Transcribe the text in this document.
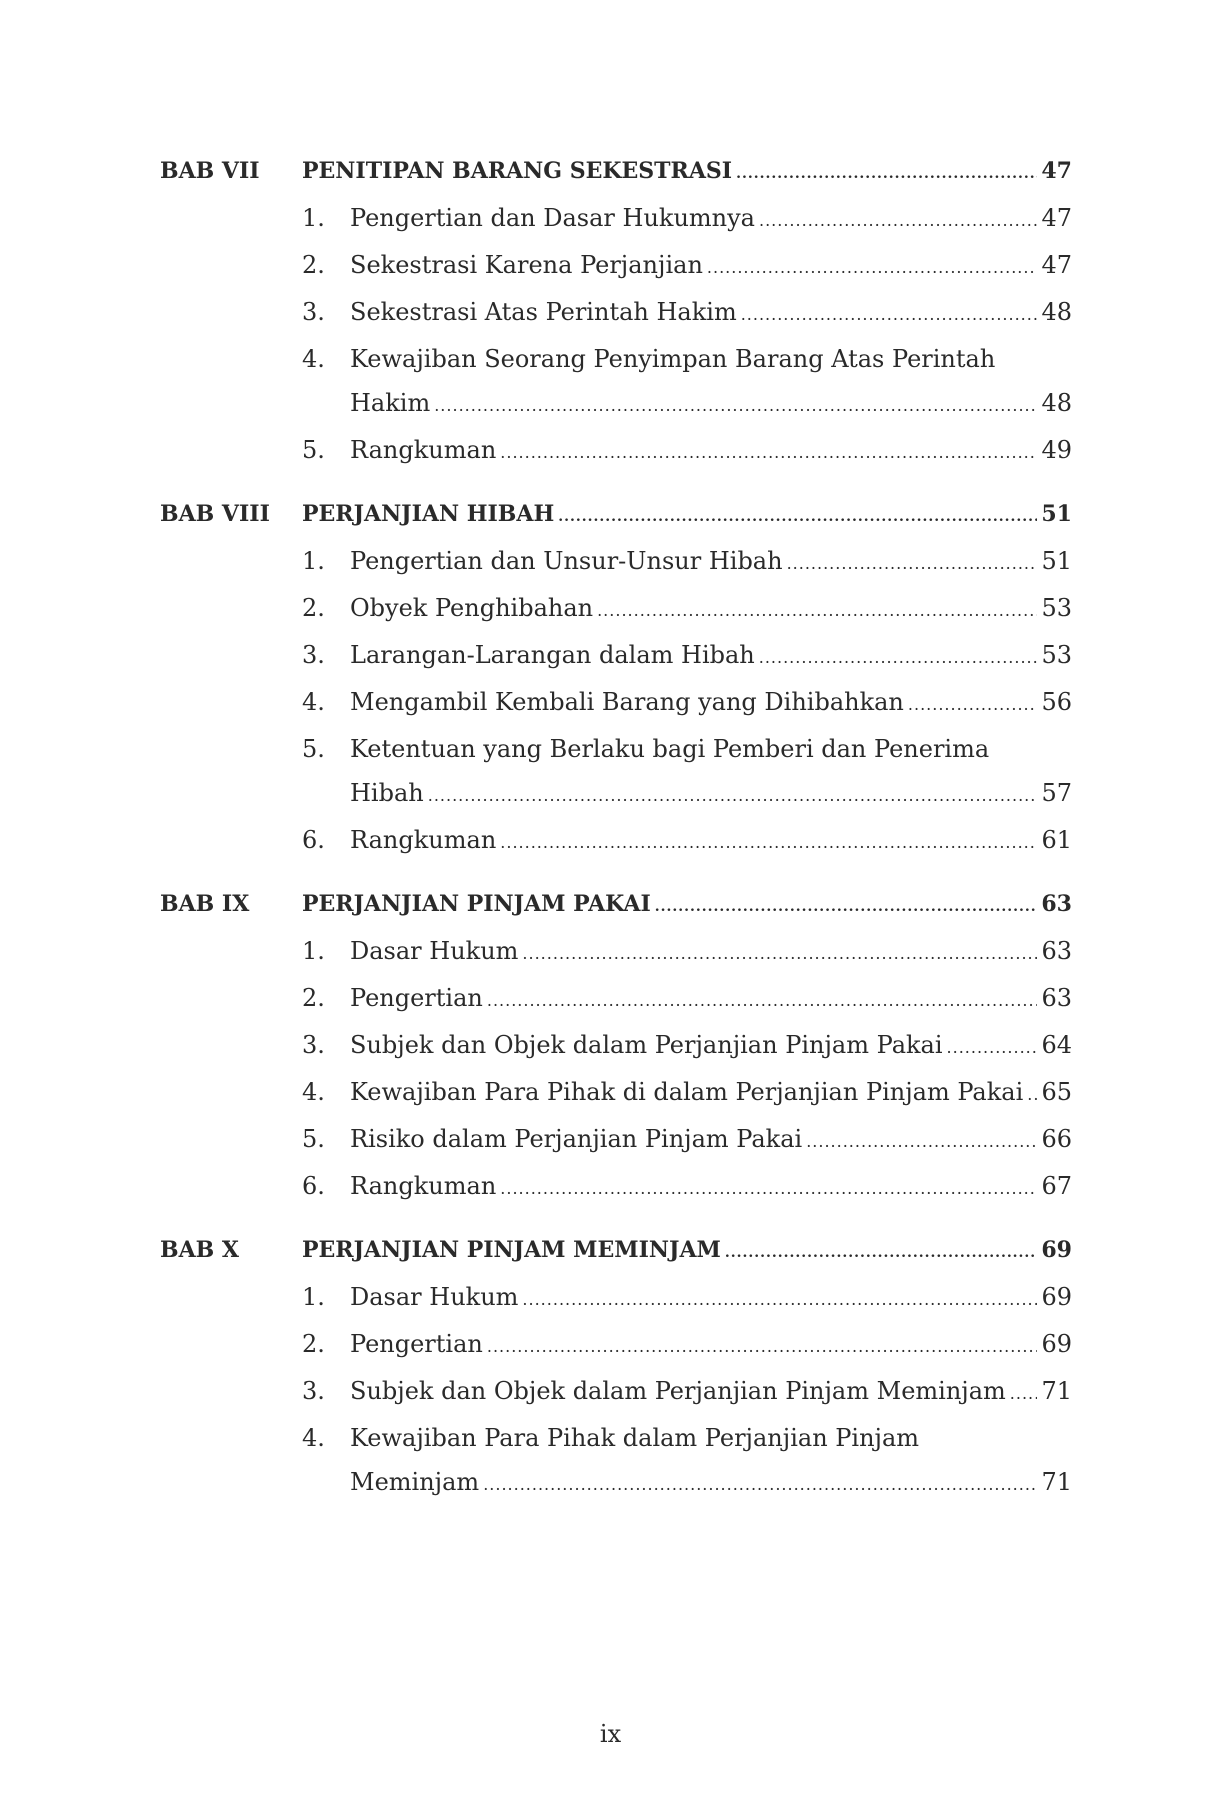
BAB VII	PENITIPAN BARANG SEKESTRASI .....	47
1.	Pengertian dan Dasar Hukumnya .....	47
2.	Sekestrasi Karena Perjanjian .....	47
3.	Sekestrasi Atas Perintah Hakim .....	48
4.	Kewajiban Seorang Penyimpan Barang Atas Perintah
Hakim .....	48
5.	Rangkuman .....	49
BAB VIII	PERJANJIAN HIBAH .....	51
1.	Pengertian dan Unsur-Unsur Hibah .....	51
2.	Obyek Penghibahan .....	53
3.	Larangan-Larangan dalam Hibah .....	53
4.	Mengambil Kembali Barang yang Dihibahkan .....	56
5.	Ketentuan yang Berlaku bagi Pemberi dan Penerima
Hibah .....	57
6.	Rangkuman .....	61
BAB IX	PERJANJIAN PINJAM PAKAI .....	63
1.	Dasar Hukum .....	63
2.	Pengertian .....	63
3.	Subjek dan Objek dalam Perjanjian Pinjam Pakai .....	64
4.	Kewajiban Para Pihak di dalam Perjanjian Pinjam Pakai ..... 65
5.	Risiko dalam Perjanjian Pinjam Pakai .....	66
6.	Rangkuman .....	67
BAB X	PERJANJIAN PINJAM MEMINJAM .....	69
1.	Dasar Hukum .....	69
2.	Pengertian .....	69
3.	Subjek dan Objek dalam Perjanjian Pinjam Meminjam ..... 71
4.	Kewajiban Para Pihak dalam Perjanjian Pinjam
Meminjam .....	71
ix
